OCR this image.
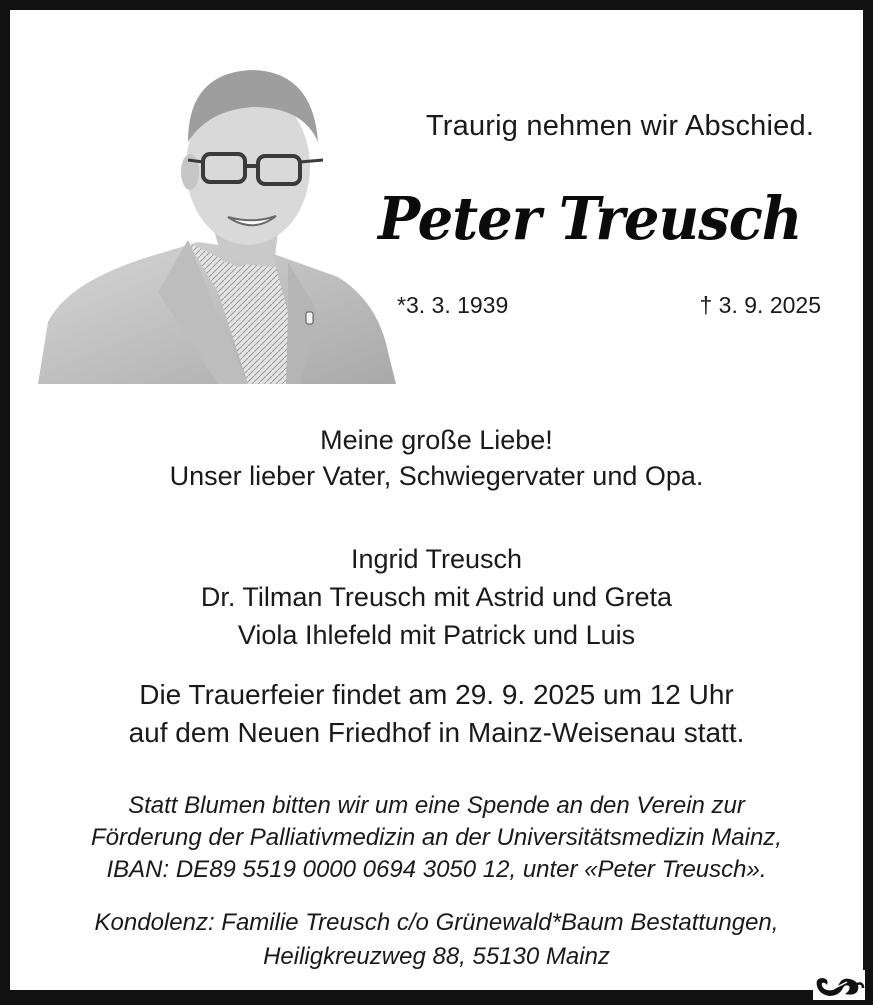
Traurig nehmen wir Abschied.
Peter Treusch
*3. 3. 1939	† 3. 9. 2025
Meine große Liebe!
Unser lieber Vater, Schwiegervater und Opa.
Ingrid Treusch
Dr. Tilman Treusch mit Astrid und Greta
Viola Ihlefeld mit Patrick und Luis
Die Trauerfeier findet am 29. 9. 2025 um 12 Uhr
auf dem Neuen Friedhof in Mainz-Weisenau statt.
Statt Blumen bitten wir um eine Spende an den Verein zur
Förderung der Palliativmedizin an der Universitätsmedizin Mainz,
IBAN: DE89 5519 0000 0694 3050 12, unter «Peter Treusch».
Kondolenz: Familie Treusch c/o Grünewald*Baum Bestattungen,
Heiligkreuzweg 88, 55130 Mainz
